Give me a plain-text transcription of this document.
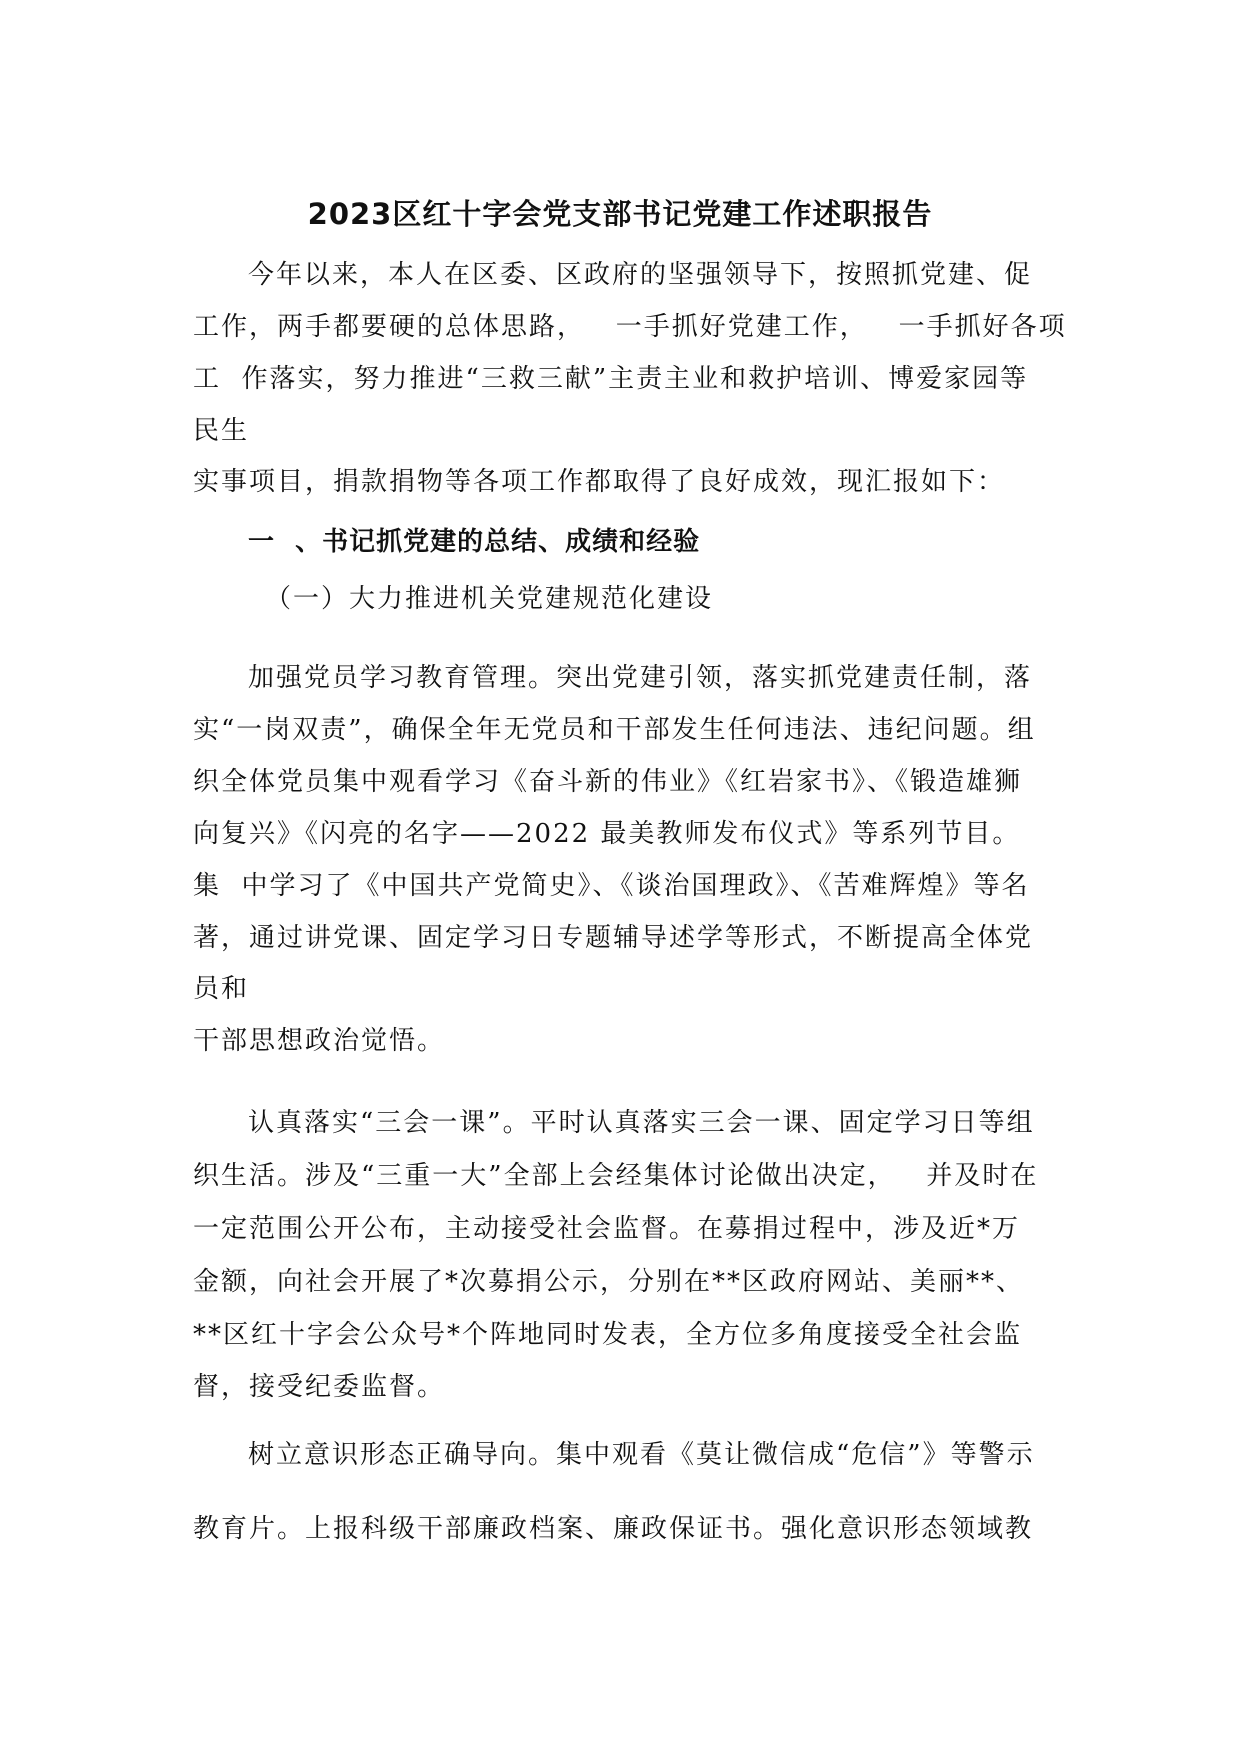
2023区红十字会党支部书记党建工作述职报告
今年以来，本人在区委、区政府的坚强领导下，按照抓党建、促
工作，两手都要硬的总体思路，   一手抓好党建工作，   一手抓好各项
工  作落实，努力推进“三救三献”主责主业和救护培训、博爱家园等
民生
实事项目，捐款捐物等各项工作都取得了良好成效，现汇报如下：
一  、书记抓党建的总结、成绩和经验
（一）大力推进机关党建规范化建设
加强党员学习教育管理。突出党建引领，落实抓党建责任制，落
实“一岗双责”，确保全年无党员和干部发生任何违法、违纪问题。组
织全体党员集中观看学习《奋斗新的伟业》《红岩家书》、《锻造雄狮
向复兴》《闪亮的名字——2022 最美教师发布仪式》等系列节目。
集  中学习了《中国共产党简史》、《谈治国理政》、《苦难辉煌》等名
著，通过讲党课、固定学习日专题辅导述学等形式，不断提高全体党
员和
干部思想政治觉悟。
认真落实“三会一课”。平时认真落实三会一课、固定学习日等组
织生活。涉及“三重一大”全部上会经集体讨论做出决定，   并及时在
一定范围公开公布，主动接受社会监督。在募捐过程中，涉及近*万
金额，向社会开展了*次募捐公示，分别在**区政府网站、美丽**、
**区红十字会公众号*个阵地同时发表，全方位多角度接受全社会监
督，接受纪委监督。
树立意识形态正确导向。集中观看《莫让微信成“危信”》等警示
教育片。上报科级干部廉政档案、廉政保证书。强化意识形态领域教
